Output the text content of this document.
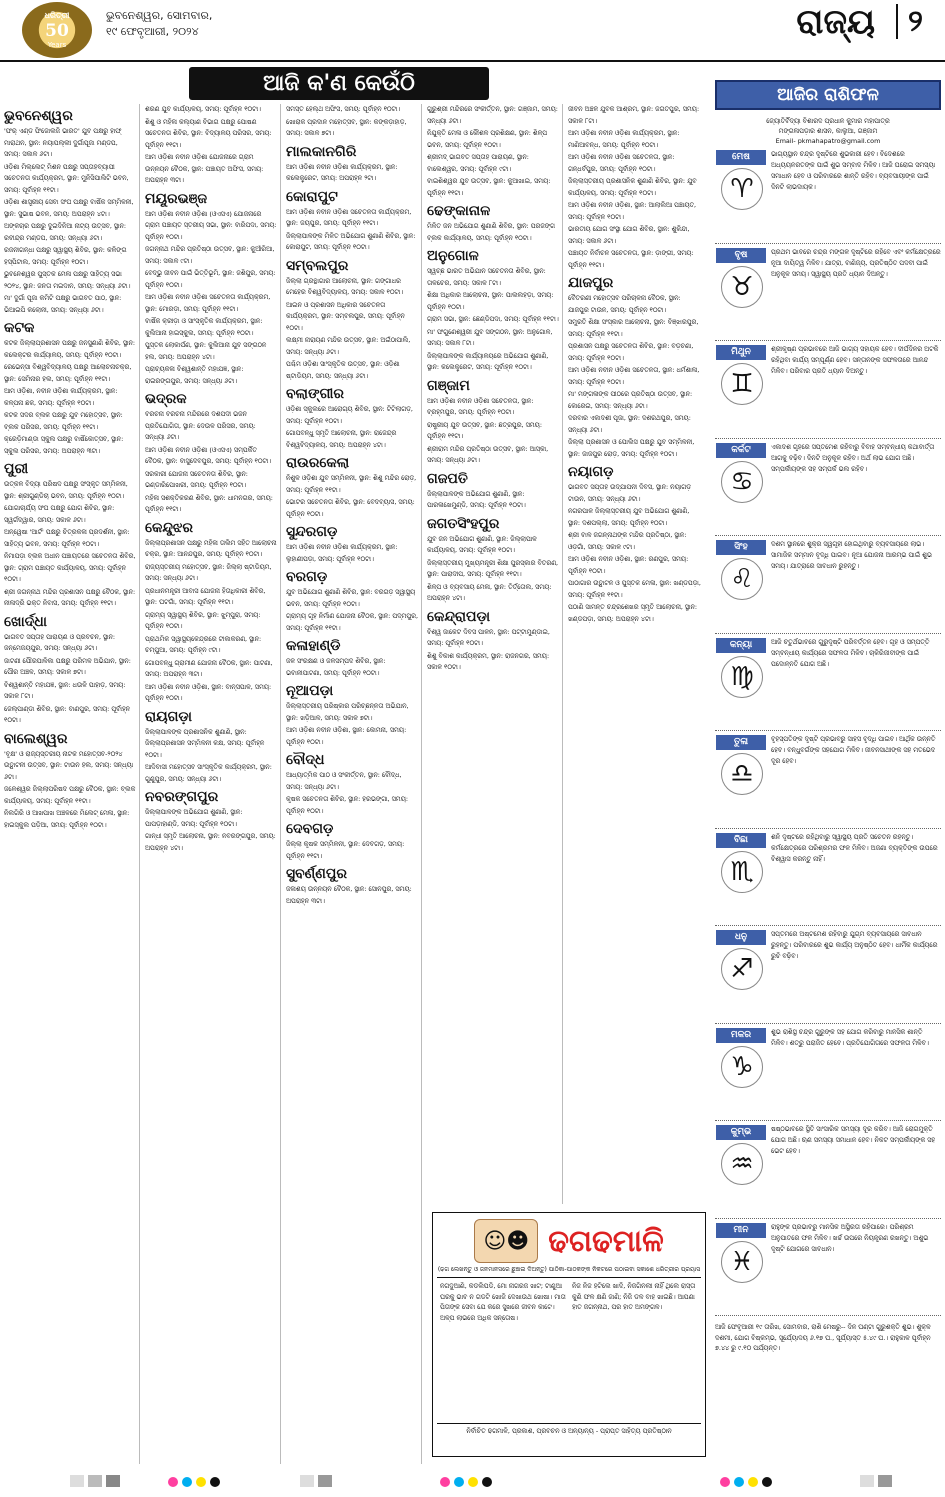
ଧରିତ୍ରୀ
50
Years
ଭୁବନେଶ୍ୱର, ସୋମବାର,
୧୯ ଫେବୃଆରୀ, ୨୦୨୪	ରାଜ୍ୟ	୨
ଆଜି କ'ଣ କେଉଁଠି
ଭୁବନେଶ୍ୱର

'ଫର୍ ଏଣ୍ଡ ଫିଜୋଲଜି ଭାରତ' ଯୁବ ପକ୍ଷରୁ ହାଫ୍ ମାରାଥନ, ସ୍ଥାନ: ନୟାପଲ୍ଲୀ ଦୁର୍ଗାପୂଜା ମଣ୍ଡପ, ସମୟ: ସକାଳ ୬ଟା।

ଓଡ଼ିଶା ମିଲ୍ଲେଟ୍ ମିଶନ ପକ୍ଷରୁ ସପ୍ତାହବ୍ୟାପୀ ସଚେତନତା କାର୍ଯ୍ୟକ୍ରମ, ସ୍ଥାନ: ମୁନିସିପାଲିଟି ଭବନ, ସମୟ: ପୂର୍ବାହ୍ନ ୧୧ଟା।

ଓଡ଼ିଶା ଶାସ୍ତ୍ରୀୟ ସେବା ସଂଘ ପକ୍ଷରୁ ବାର୍ଷିକ ସମ୍ମିଳନୀ, ସ୍ଥାନ: ସୁଭାଷ ଭବନ, ସମୟ: ଅପରାହ୍ନ ୪ଟା।

ଅଙ୍କଚାର ପକ୍ଷରୁ ଦୁଇଦିନିଆ ନାଟ୍ୟ ଉତ୍ସବ, ସ୍ଥାନ: ରବୀନ୍ଦ୍ର ମଣ୍ଡପ, ସମୟ: ସନ୍ଧ୍ୟା ୬ଟା।

ରଜନୀଗନ୍ଧା ପକ୍ଷରୁ ସ୍ୱାସ୍ଥ୍ୟ ଶିବିର, ସ୍ଥାନ: କଳିଙ୍ଗ ହସ୍ପିଟାଲ, ସମୟ: ପୂର୍ବାହ୍ନ ୧୦ଟା।

ଭୁବନେଶ୍ୱର ପୁସ୍ତକ ମେଳା ପକ୍ଷରୁ ସାହିତ୍ୟ ସଭା ୨୦୨୪, ସ୍ଥାନ: ଜନତା ମଇଦାନ, ସମୟ: ସନ୍ଧ୍ୟା ୬ଟା।

ମା' ଦୁର୍ଗା ପୂଜା କମିଟି ପକ୍ଷରୁ ଭାଗବତ ପାଠ, ସ୍ଥାନ: ଭିଆଇପି କଲୋନୀ, ସମୟ: ସନ୍ଧ୍ୟା ୬ଟା।

କଟକ

କଟକ ଜିଲ୍ଲାପ୍ରଶାସନ ପକ୍ଷରୁ ଜନସୁଣାଣି ଶିବିର, ସ୍ଥାନ: କଲେକ୍ଟର କାର୍ଯ୍ୟାଳୟ, ସମୟ: ପୂର୍ବାହ୍ନ ୧୦ଟା।

ରେଭେନ୍ସା ବିଶ୍ୱବିଦ୍ୟାଳୟ ପକ୍ଷରୁ ଆଲୋଚନାଚକ୍ର, ସ୍ଥାନ: ସେମିନାର ହଲ, ସମୟ: ପୂର୍ବାହ୍ନ ୧୧ଟା।

ଆମ ଓଡ଼ିଶା, ନବୀନ ଓଡ଼ିଶା କାର୍ଯ୍ୟକ୍ରମ, ସ୍ଥାନ: କଳ୍ପନା ଛକ, ସମୟ: ପୂର୍ବାହ୍ନ ୧୦ଟା।

କଟକ ସଦର ବ୍ଲକ ପକ୍ଷରୁ ଯୁବ ମହୋତ୍ସବ, ସ୍ଥାନ: ବ୍ଲକ ପରିସର, ସମୟ: ପୂର୍ବାହ୍ନ ୧୧ଟା।

କ୍ରେଡ଼ିମାଣ୍ଡା ସ୍କୁଲ ପକ୍ଷରୁ ବାର୍ଷିକୋତ୍ସବ, ସ୍ଥାନ: ସ୍କୁଲ ପରିସର, ସମୟ: ଅପରାହ୍ନ ୩ଟା।

ପୁରୀ

ଉତ୍କଳ ବିଦ୍ୟା ପରିଷଦ ପକ୍ଷରୁ ସଂସ୍କୃତ ସମ୍ମିଳନୀ, ସ୍ଥାନ: ଶ୍ରୀଗୁଣ୍ଡିଚା ଭବନ, ସମୟ: ପୂର୍ବାହ୍ନ ୧୦ଟା।

ଯୋଗାଚାର୍ଯ୍ୟ ସଂଘ ପକ୍ଷରୁ ଯୋଗ ଶିବିର, ସ୍ଥାନ: ସ୍ୱର୍ଗଦ୍ୱାର, ସମୟ: ସକାଳ ୬ଟା।

ଅନ୍ୱେଷା 'ଆର୍ଟ' ପକ୍ଷରୁ ଚିତ୍ରକଳା ପ୍ରଦର୍ଶନୀ, ସ୍ଥାନ: ସାହିତ୍ୟ ଭବନ, ସମୟ: ପୂର୍ବାହ୍ନ ୧୦ଟା।

ନିମାପଡ଼ା ବ୍ଲକ ଅଧୀନ ପଞ୍ଚାୟତରେ ସଚେତନତା ଶିବିର, ସ୍ଥାନ: ଗ୍ରାମ ପଞ୍ଚାୟତ କାର୍ଯ୍ୟାଳୟ, ସମୟ: ପୂର୍ବାହ୍ନ ୧୦ଟା।

ଶ୍ରୀ ଜଗନ୍ନାଥ ମନ୍ଦିର ପ୍ରଶାସନ ପକ୍ଷରୁ ବୈଠକ, ସ୍ଥାନ: ନୀଳାଦ୍ରି ଭକ୍ତ ନିବାସ, ସମୟ: ପୂର୍ବାହ୍ନ ୧୧ଟା।

ଖୋର୍ଦ୍ଧା

ଭାଗବତ ସପ୍ତାହ ପାରାୟଣ ଓ ପ୍ରବଚନ, ସ୍ଥାନ: ଜନ୍ମେଜୟପୁର, ସମୟ: ସନ୍ଧ୍ୟା ୬ଟା।

ଜାଟଣୀ ପୌରପାଳିକା ପକ୍ଷରୁ ପରିମଳ ଅଭିଯାନ, ସ୍ଥାନ: ପୌର ଅଞ୍ଚଳ, ସମୟ: ସକାଳ ୭ଟା।

ବିଶ୍ୱଶାନ୍ତି ମହାଯଜ୍ଞ, ସ୍ଥାନ: ଧଉଳି ପାହାଡ଼, ସମୟ: ସକାଳ ୮ଟା।

ଜେଲ୍ପାଣ୍ଡା ଶିବିର, ସ୍ଥାନ: ବାଣପୁର, ସମୟ: ପୂର୍ବାହ୍ନ ୧୦ଟା।

ବାଲେଶ୍ୱର

'ବୃକ୍ଷ' ଓ ରାଜ୍ୟସ୍ତରୀୟ ନାଟକ ମହୋତ୍ସବ-୨୦୨୪ ଉଦ୍ଘାଟନୀ ଉତ୍ସବ, ସ୍ଥାନ: ଟାଉନ ହଲ, ସମୟ: ସନ୍ଧ୍ୟା ୬ଟା।

ଜଳେଶ୍ୱର ଜିଲ୍ଲାପରିଷଦ ପକ୍ଷରୁ ବୈଠକ, ସ୍ଥାନ: ବ୍ଲକ କାର୍ଯ୍ୟାଳୟ, ସମୟ: ପୂର୍ବାହ୍ନ ୧୧ଟା।

ନିଲଗିରି ଓ ଆଖପାଖ ଅଞ୍ଚଳରେ ମିଲେଟ୍ ମେଳା, ସ୍ଥାନ: ହାଇସ୍କୁଲ ପଡ଼ିଆ, ସମୟ: ପୂର୍ବାହ୍ନ ୧୦ଟା।

ଶରଣ ଯୁବ କାର୍ଯ୍ୟାଳୟ, ସମୟ: ପୂର୍ବାହ୍ନ ୧୦ଟା।

ଶିଶୁ ଓ ମହିଳା କଲ୍ୟାଣ ବିଭାଗ ପକ୍ଷରୁ ପୋଷଣ ସଚେତନତା ଶିବିର, ସ୍ଥାନ: ବିଦ୍ୟାଳୟ ପରିସର, ସମୟ: ପୂର୍ବାହ୍ନ ୧୧ଟା।

ଆମ ଓଡ଼ିଶା ନବୀନ ଓଡ଼ିଶା ଯୋଜନାରେ ଗ୍ରାମ ଉନ୍ନୟନ ବୈଠକ, ସ୍ଥାନ: ପଞ୍ଚାୟତ ଅଫିସ, ସମୟ: ଅପରାହ୍ନ ୩ଟା।

ମୟୂରଭଞ୍ଜ

ଆମ ଓଡ଼ିଶା ନବୀନ ଓଡ଼ିଶା (ଓଏସଏ) ଯୋଜନାରେ ଗ୍ରାମ ପଞ୍ଚାୟତ ସ୍ତରୀୟ ସଭା, ସ୍ଥାନ: ବାରିପଦା, ସମୟ: ପୂର୍ବାହ୍ନ ୧୦ଟା।

ଜଗନ୍ନାଥ ମନ୍ଦିର ପ୍ରତିଷ୍ଠା ଉତ୍ସବ, ସ୍ଥାନ: କୁଆଁରିଆ, ସମୟ: ସକାଳ ୯ଟା।

ବେଦ୍ଭୁ ଜୀବନ ପାଇଁ ଭିତ୍ତିଭୂମି, ସ୍ଥାନ: ଜଶିପୁର, ସମୟ: ପୂର୍ବାହ୍ନ ୧୦ଟା।

ଆମ ଓଡ଼ିଶା ନବୀନ ଓଡ଼ିଶା ସଚେତନତା କାର୍ଯ୍ୟକ୍ରମ, ସ୍ଥାନ: ମୋରଡ଼ା, ସମୟ: ପୂର୍ବାହ୍ନ ୧୧ଟା।

ବାର୍ଷିକ କ୍ରୀଡ଼ା ଓ ସାଂସ୍କୃତିକ କାର୍ଯ୍ୟକ୍ରମ, ସ୍ଥାନ: କୁଲିଆନା ହାଇସ୍କୁଲ, ସମୟ: ପୂର୍ବାହ୍ନ ୧୦ଟା।

ପୁସ୍ତକ ଲୋକାର୍ପଣ, ସ୍ଥାନ: କୁଲିଆନା ଯୁବ ସଙ୍ଗଠନ ହଲ, ସମୟ: ଅପରାହ୍ନ ୪ଟା।

ପ୍ରାଚ୍ୟକଳା ବିଶ୍ୱଶାନ୍ତି ମହାଯଜ୍ଞ, ସ୍ଥାନ: ରାଇରଙ୍ଗପୁର, ସମୟ: ସନ୍ଧ୍ୟା ୬ଟା।

ଭଦ୍ରକ

ବରଚନା ବରଚନା ମନ୍ଦିରରେ ଦଶପଦୀ ଭଜନ ପ୍ରତିଯୋଗିତା, ସ୍ଥାନ: ଦେଉଳ ପରିସର, ସମୟ: ସନ୍ଧ୍ୟା ୬ଟା।

ଆମ ଓଡ଼ିଶା ନବୀନ ଓଡ଼ିଶା (ଓଏସଏ) ସମ୍ପର୍କିତ ବୈଠକ, ସ୍ଥାନ: ବାସୁଦେବପୁର, ସମୟ: ପୂର୍ବାହ୍ନ ୧୦ଟା।

ସରକାରୀ ଯୋଜନା ସଚେତନତା ଶିବିର, ସ୍ଥାନ: ଭଣ୍ଡାରିପୋଖରୀ, ସମୟ: ପୂର୍ବାହ୍ନ ୧୦ଟା।

ମହିଳା ସଶକ୍ତିକରଣ ଶିବିର, ସ୍ଥାନ: ଧାମନଗର, ସମୟ: ପୂର୍ବାହ୍ନ ୧୧ଟା।

କେନ୍ଦୁଝର

ଜିଲ୍ଲାପ୍ରଶାସନ ପକ୍ଷରୁ ମହିଳା ତାଲିମ ସହିତ ଆଲୋଚନା ଚକ୍ର, ସ୍ଥାନ: ଆନନ୍ଦପୁର, ସମୟ: ପୂର୍ବାହ୍ନ ୧୦ଟା।

ରାଜ୍ୟସ୍ତରୀୟ ମହୋତ୍ସବ, ସ୍ଥାନ: ଜିଲ୍ଲା ଷ୍ଟାଡିୟମ, ସମୟ: ସନ୍ଧ୍ୟା ୬ଟା।

ପ୍ରଧାନମନ୍ତ୍ରୀ ଆବାସ ଯୋଜନା ହିତାଧିକାରୀ ଶିବିର, ସ୍ଥାନ: ଘଟଗାଁ, ସମୟ: ପୂର୍ବାହ୍ନ ୧୧ଟା।

ଗ୍ରାମ୍ୟ ସ୍ୱାସ୍ଥ୍ୟ ଶିବିର, ସ୍ଥାନ: ଝୁମ୍ପୁରା, ସମୟ: ପୂର୍ବାହ୍ନ ୧୦ଟା।

ପ୍ରାଥମିକ ସ୍ୱାସ୍ଥ୍ୟକେନ୍ଦ୍ରରେ ଟୀକାକରଣ, ସ୍ଥାନ: ଚମ୍ପୁଆ, ସମୟ: ପୂର୍ବାହ୍ନ ୯ଟା।

ଗୋପବନ୍ଧୁ ଗ୍ରାମୀଣ ଯୋଜନା ବୈଠକ, ସ୍ଥାନ: ପାଟଣା, ସମୟ: ଅପରାହ୍ନ ୩ଟା।

ଆମ ଓଡ଼ିଶା ନବୀନ ଓଡ଼ିଶା, ସ୍ଥାନ: ବାନ୍ସପାଳ, ସମୟ: ପୂର୍ବାହ୍ନ ୧୦ଟା।

ରାୟଗଡ଼ା

ଜିଲ୍ଲାପାଳଙ୍କ ପ୍ରଶାସନିକ ଶୁଣାଣି, ସ୍ଥାନ: ଜିଲ୍ଲାପ୍ରଶାସନ ସମ୍ମିଳନୀ କକ୍ଷ, ସମୟ: ପୂର୍ବାହ୍ନ ୧୦ଟା।

ଆଦିବାସୀ ମହୋତ୍ସବ ସାଂସ୍କୃତିକ କାର୍ଯ୍ୟକ୍ରମ, ସ୍ଥାନ: ଗୁଣୁପୁର, ସମୟ: ସନ୍ଧ୍ୟା ୬ଟା।

ନବରଙ୍ଗପୁର

ଜିଲ୍ଲାପାଳଙ୍କ ଅଭିଯୋଗ ଶୁଣାଣି, ସ୍ଥାନ: ପାପଡ଼ାହାଣ୍ଡି, ସମୟ: ପୂର୍ବାହ୍ନ ୧୦ଟା।

ଗାନ୍ଧୀ ସ୍ମୃତି ଆଲୋଚନା, ସ୍ଥାନ: ନବରଙ୍ଗପୁର, ସମୟ: ଅପରାହ୍ନ ୪ଟା।

ସମସ୍ତ ହେଲ୍ଥ ଅଫିସ, ସମୟ: ପୂର୍ବାହ୍ନ ୧୦ଟା।

ଖୋରାକ ପ୍ରଦାନ ମହୋତ୍ସବ, ସ୍ଥାନ: କଙ୍କଡ଼ାହାଡ଼, ସମୟ: ସକାଳ ୭ଟା।

ମାଲକାନଗିରି

ଆମ ଓଡ଼ିଶା ନବୀନ ଓଡ଼ିଶା କାର୍ଯ୍ୟକ୍ରମ, ସ୍ଥାନ: କଲେକ୍ଟ୍ରେଟ, ସମୟ: ଅପରାହ୍ନ ୨ଟା।

କୋରାପୁଟ

ଆମ ଓଡ଼ିଶା ନବୀନ ଓଡ଼ିଶା ସଚେତନତା କାର୍ଯ୍ୟକ୍ରମ, ସ୍ଥାନ: ଜୟପୁର, ସମୟ: ପୂର୍ବାହ୍ନ ୧୧ଟା।

ଜିଲ୍ଲାପାଳଙ୍କ ମିଳିତ ଅଭିଯୋଗ ଶୁଣାଣି ଶିବିର, ସ୍ଥାନ: କୋରାପୁଟ, ସମୟ: ପୂର୍ବାହ୍ନ ୧୦ଟା।

ସମ୍ବଲପୁର

ଜିଲ୍ଲା ଗ୍ରନ୍ଥାଗାର ଆଲୋଚନା, ସ୍ଥାନ: ଗଙ୍ଗାଧର ମେହେର ବିଶ୍ୱବିଦ୍ୟାଳୟ, ସମୟ: ସକାଳ ୧୦ଟା।

ଆଇନ ଓ ପ୍ରଶାସନ ଅଧିକାର ସଚେତନତା କାର୍ଯ୍ୟକ୍ରମ, ସ୍ଥାନ: ସମ୍ବଲପୁର, ସମୟ: ପୂର୍ବାହ୍ନ ୧୦ଟା।

ଲକ୍ଷ୍ମୀ ନାରାୟଣ ମନ୍ଦିର ଉତ୍ସବ, ସ୍ଥାନ: ଅଇଁଠାପାଲି, ସମୟ: ସନ୍ଧ୍ୟା ୬ଟା।

ପଶ୍ଚିମ ଓଡ଼ିଶା ସାଂସ୍କୃତିକ ଉତ୍ସବ, ସ୍ଥାନ: ଓଡ଼ିଶା ଷ୍ଟାଡିୟମ, ସମୟ: ସନ୍ଧ୍ୟା ୬ଟା।

ବଲାଙ୍ଗୀର

ଓଡ଼ିଶା ସ୍କୁଲରେ ଆରୋଗ୍ୟ ଶିବିର, ସ୍ଥାନ: ଟିଟିଲାଗଡ଼, ସମୟ: ପୂର୍ବାହ୍ନ ୧୦ଟା।

ଗୋପବନ୍ଧୁ ସ୍ମୃତି ଆଲୋଚନା, ସ୍ଥାନ: ରାଜେନ୍ଦ୍ର ବିଶ୍ୱବିଦ୍ୟାଳୟ, ସମୟ: ଅପରାହ୍ନ ୪ଟା।

ରାଉରକେଲା

ନିଶୁଳ ଓଡ଼ିଶା ଯୁବ ସମ୍ମିଳନୀ, ସ୍ଥାନ: ଶିଶୁ ମନ୍ଦିର ରୋଡ଼, ସମୟ: ପୂର୍ବାହ୍ନ ୧୧ଟା।

ଭୋଟର ସଚେତନତା ଶିବିର, ସ୍ଥାନ: ବେଦବ୍ୟାସ, ସମୟ: ପୂର୍ବାହ୍ନ ୧୦ଟା।

ସୁନ୍ଦରଗଡ଼

ଆମ ଓଡ଼ିଶା ନବୀନ ଓଡ଼ିଶା କାର୍ଯ୍ୟକ୍ରମ, ସ୍ଥାନ: ଲୁହାଣୀପଡ଼ା, ସମୟ: ପୂର୍ବାହ୍ନ ୧୦ଟା।

ବରଗଡ଼

ଯୁବ ଅଭିଯୋଗ ଶୁଣାଣି ଶିବିର, ସ୍ଥାନ: ବରଗଡ଼ ସ୍ୱାସ୍ଥ୍ୟ ଭବନ, ସମୟ: ପୂର୍ବାହ୍ନ ୧୦ଟା।

ଗ୍ରାମ୍ୟ ଗୃହ ନିର୍ମାଣ ଯୋଜନା ବୈଠକ, ସ୍ଥାନ: ପଦ୍ମପୁର, ସମୟ: ପୂର୍ବାହ୍ନ ୧୧ଟା।

କଳାହାଣ୍ଡି

ଜଳ ସଂରକ୍ଷଣ ଓ ଜଳସମ୍ପଦ ଶିବିର, ସ୍ଥାନ: ଭବାନୀପାଟଣା, ସମୟ: ପୂର୍ବାହ୍ନ ୧୦ଟା।

ନୂଆପଡ଼ା

ଜିଲ୍ଲାସ୍ତରୀୟ ପରିଷ୍କାର ପରିଚ୍ଛନ୍ନତା ଅଭିଯାନ, ସ୍ଥାନ: ଖଡ଼ିଆଳ, ସମୟ: ସକାଳ ୭ଟା।

ଆମ ଓଡ଼ିଶା ନବୀନ ଓଡ଼ିଶା, ସ୍ଥାନ: କୋମନା, ସମୟ: ପୂର୍ବାହ୍ନ ୧୦ଟା।

ବୌଦ୍ଧ

ଆଧ୍ୟାତ୍ମିକ ପାଠ ଓ ସଂକୀର୍ତ୍ତନ, ସ୍ଥାନ: ବୌଦ୍ଧ, ସମୟ: ସନ୍ଧ୍ୟା ୬ଟା।

କୃଷକ ସଚେତନତା ଶିବିର, ସ୍ଥାନ: ହରଭଙ୍ଗା, ସମୟ: ପୂର୍ବାହ୍ନ ୧୦ଟା।

ଦେବଗଡ଼

ଜିଲ୍ଲା କୃଷକ ସମ୍ମିଳନୀ, ସ୍ଥାନ: ଦେବଗଡ଼, ସମୟ: ପୂର୍ବାହ୍ନ ୧୧ଟା।

ସୁବର୍ଣ୍ଣପୁର

ଜଳାଶୟ ଉନ୍ନୟନ ବୈଠକ, ସ୍ଥାନ: ସୋନପୁର, ସମୟ: ଅପରାହ୍ନ ୩ଟା।

ଗୁରୁଶ୍ରୀ ମନ୍ଦିରରେ ସଂକୀର୍ତ୍ତନ, ସ୍ଥାନ: ଗଞ୍ଜାମ, ସମୟ: ସନ୍ଧ୍ୟା ୬ଟା।

ନିଯୁକ୍ତି ମେଳା ଓ କୌଶଳ ପ୍ରଶିକ୍ଷଣ, ସ୍ଥାନ: ଶିଳ୍ପ ଭବନ, ସମୟ: ପୂର୍ବାହ୍ନ ୧୦ଟା।

ଶ୍ରୀମଦ୍ ଭାଗବତ ସପ୍ତାହ ପାରାୟଣ, ସ୍ଥାନ: ବାଲେଶ୍ୱର, ସମୟ: ପୂର୍ବାହ୍ନ ୯ଟା।

ବାଇଶିଶ୍ୱର ଯୁବ ଉତ୍ସବ, ସ୍ଥାନ: କୁଆଖାଇ, ସମୟ: ପୂର୍ବାହ୍ନ ୧୧ଟା।

ଢେଙ୍କାନାଳ

ମିଳିତ ଜନ ଅଭିଯୋଗ ଶୁଣାଣି ଶିବିର, ସ୍ଥାନ: ପରଜଙ୍ଗ ବ୍ଲକ କାର୍ଯ୍ୟାଳୟ, ସମୟ: ପୂର୍ବାହ୍ନ ୧୦ଟା।

ଅନୁଗୋଳ

ସ୍ୱଚ୍ଛ ଭାରତ ଅଭିଯାନ ସଚେତନତା ଶିବିର, ସ୍ଥାନ: ତାଳଚେର, ସମୟ: ସକାଳ ୮ଟା।

ଶିକ୍ଷା ଅଧିକାର ଆଲୋଚନା, ସ୍ଥାନ: ପାଲଲହଡ଼ା, ସମୟ: ପୂର୍ବାହ୍ନ ୧୦ଟା।

ଗ୍ରାମ ସଭା, ସ୍ଥାନ: ଛେଣ୍ଡିପଦା, ସମୟ: ପୂର୍ବାହ୍ନ ୧୧ଟା।

ମା' ଫଗୁଣେଶ୍ୱରୀ ଯୁବ ସଙ୍ଗଠନ, ସ୍ଥାନ: ଅନୁଗୋଳ, ସମୟ: ସକାଳ ୮ଟା।

ଜିଲ୍ଲାପାଳଙ୍କ କାର୍ଯ୍ୟାଳୟରେ ଅଭିଯୋଗ ଶୁଣାଣି, ସ୍ଥାନ: କଲେକ୍ଟ୍ରେଟ, ସମୟ: ପୂର୍ବାହ୍ନ ୧୦ଟା।

ଗଞ୍ଜାମ

ଆମ ଓଡ଼ିଶା ନବୀନ ଓଡ଼ିଶା ସଚେତନତା, ସ୍ଥାନ: ବ୍ରହ୍ମପୁର, ସମୟ: ପୂର୍ବାହ୍ନ ୧୦ଟା।

ରାଷ୍ଟ୍ରୀୟ ଯୁବ ଉତ୍ସବ, ସ୍ଥାନ: ଛତ୍ରପୁର, ସମୟ: ପୂର୍ବାହ୍ନ ୧୧ଟା।

ଶ୍ରୀରାମ ମନ୍ଦିର ପ୍ରତିଷ୍ଠା ଉତ୍ସବ, ସ୍ଥାନ: ଆସ୍କା, ସମୟ: ସନ୍ଧ୍ୟା ୬ଟା।

ଗଜପତି

ଜିଲ୍ଲାପାଳଙ୍କ ଅଭିଯୋଗ ଶୁଣାଣି, ସ୍ଥାନ: ପାରଳାଖେମୁଣ୍ଡି, ସମୟ: ପୂର୍ବାହ୍ନ ୧୦ଟା।

ଜଗତସିଂହପୁର

ଯୁବ ଜନ ଅଭିଯୋଗ ଶୁଣାଣି, ସ୍ଥାନ: ଜିଲ୍ଲାପାଳ କାର୍ଯ୍ୟାଳୟ, ସମୟ: ପୂର୍ବାହ୍ନ ୧୦ଟା।

ଜିଲ୍ଲାସ୍ତରୀୟ ମୁଖ୍ୟମନ୍ତ୍ରୀ ଶିକ୍ଷା ପୁରସ୍କାର ବିତରଣ, ସ୍ଥାନ: ପାରାଦୀପ, ସମୟ: ପୂର୍ବାହ୍ନ ୧୧ଟା।

ଶିଳ୍ପ ଓ ବ୍ୟବସାୟ ମେଳା, ସ୍ଥାନ: ତିର୍ତ୍ତୋଲ, ସମୟ: ଅପରାହ୍ନ ୪ଟା।

କେନ୍ଦ୍ରାପଡ଼ା

ବିଶ୍ୱ ଜାକେଟ ଦିବସ ପାଳନ, ସ୍ଥାନ: ପଟ୍ଟାମୁଣ୍ଡାଇ, ସମୟ: ପୂର୍ବାହ୍ନ ୧୦ଟା।

ଶିଶୁ ବିକାଶ କାର୍ଯ୍ୟକ୍ରମ, ସ୍ଥାନ: ରାଜନଗର, ସମୟ: ସକାଳ ୧୦ଟା।

ଜୀବନ ଅଞ୍ଚଳ ଯୁବକ ଆଶ୍ରମ, ସ୍ଥାନ: ଜଗତପୁର, ସମୟ: ସକାଳ ୮ଟା।

ଆମ ଓଡ଼ିଶା ନବୀନ ଓଡ଼ିଶା କାର୍ଯ୍ୟକ୍ରମ, ସ୍ଥାନ: ମାଣିଆବନ୍ଧ, ସମୟ: ପୂର୍ବାହ୍ନ ୧୦ଟା।

ଆମ ଓଡ଼ିଶା ନବୀନ ଓଡ଼ିଶା ସଚେତନତା, ସ୍ଥାନ: ଗନ୍ଧର୍ବପୁର, ସମୟ: ପୂର୍ବାହ୍ନ ୧୦ଟା।

ଜିଲ୍ଲାସ୍ତରୀୟ ପ୍ରଶାସନିକ ଶୁଣାଣି ଶିବିର, ସ୍ଥାନ: ଯୁବ କାର୍ଯ୍ୟାଳୟ, ସମୟ: ପୂର୍ବାହ୍ନ ୧୦ଟା।

ଆମ ଓଡ଼ିଶା ନବୀନ ଓଡ଼ିଶା, ସ୍ଥାନ: ଆଲାଲିଆ ପଞ୍ଚାୟତ, ସମୟ: ପୂର୍ବାହ୍ନ ୧୦ଟା।

ଭାରତୀୟ ଯୋଗ ସଂସ୍ଥା ଯୋଗ ଶିବିର, ସ୍ଥାନ: ଶୁକିନ୍ଦା, ସମୟ: ସକାଳ ୬ଟା।

ପଞ୍ଚାୟତ ନିର୍ବାଚନ ସଚେତନତା, ସ୍ଥାନ: ଡ଼ାଙ୍ଗୀ, ସମୟ: ପୂର୍ବାହ୍ନ ୧୧ଟା।

ଯାଜପୁର

ବୈତରଣୀ ମହୋତ୍ସବ ପରିଚାଳନା ବୈଠକ, ସ୍ଥାନ: ଯାଜପୁର ଟାଉନ, ସମୟ: ପୂର୍ବାହ୍ନ ୧୦ଟା।

ସମ୍ପ୍ରତି ଶିକ୍ଷା ସଂସ୍କାର ଆଲୋଚନା, ସ୍ଥାନ: ବିଞ୍ଝାରପୁର, ସମୟ: ପୂର୍ବାହ୍ନ ୧୧ଟା।

ପ୍ରଶାସନ ପକ୍ଷରୁ ସଚେତନତା ଶିବିର, ସ୍ଥାନ: ବଡ଼ଚଣା, ସମୟ: ପୂର୍ବାହ୍ନ ୧୦ଟା।

ଆମ ଓଡ଼ିଶା ନବୀନ ଓଡ଼ିଶା ସଚେତନତା, ସ୍ଥାନ: ଧର୍ମଶାଳା, ସମୟ: ପୂର୍ବାହ୍ନ ୧୦ଟା।

ମା' ମଙ୍ଗଳାଙ୍କ ପୀଠରେ ପ୍ରତିଷ୍ଠା ଉତ୍ସବ, ସ୍ଥାନ: କୋରେଇ, ସମୟ: ସନ୍ଧ୍ୟା ୬ଟା।

ଦରବାର ଏକାଦଶୀ ପୂଜା, ସ୍ଥାନ: ଦଶରଥପୁର, ସମୟ: ସନ୍ଧ୍ୟା ୬ଟା।

ଜିଲ୍ଲା ପ୍ରଶାସନ ଓ ପୋଲିସ ପକ୍ଷରୁ ଯୁବ ସମ୍ମିଳନୀ, ସ୍ଥାନ: ଜାଜପୁର ରୋଡ଼, ସମୟ: ପୂର୍ବାହ୍ନ ୧୦ଟା।

ନୟାଗଡ଼

ଭାଗବତ ସପ୍ତାହ ଉଦ୍ଯାପନୀ ଦିବସ, ସ୍ଥାନ: ନୟାଗଡ଼ ଟାଉନ, ସମୟ: ସନ୍ଧ୍ୟା ୬ଟା।

ନଗରପାଳ ଜିଲ୍ଲାସ୍ତରୀୟ ଯୁବ ଅଭିଯୋଗ ଶୁଣାଣି, ସ୍ଥାନ: ଦଶପଲ୍ଲା, ସମୟ: ପୂର୍ବାହ୍ନ ୧୦ଟା।

ଶ୍ରୀ ବାଳ ଜଗନ୍ନାଥଙ୍କ ମନ୍ଦିର ପ୍ରତିଷ୍ଠା, ସ୍ଥାନ: ଓଡ଼ଗାଁ, ସମୟ: ସକାଳ ୯ଟା।

ଆମ ଓଡ଼ିଶା ନବୀନ ଓଡ଼ିଶା, ସ୍ଥାନ: ରଣପୁର, ସମୟ: ପୂର୍ବାହ୍ନ ୧୦ଟା।

ପାଠାଗାର ଉଦ୍ଘାଟନ ଓ ପୁସ୍ତକ ମେଳା, ସ୍ଥାନ: ଖଣ୍ଡପଡ଼ା, ସମୟ: ପୂର୍ବାହ୍ନ ୧୧ଟା।

ପଠାଣି ସାମନ୍ତ ଚନ୍ଦ୍ରଶେଖର ସ୍ମୃତି ଆଲୋଚନା, ସ୍ଥାନ: ଖଣ୍ଡପଡ଼ା, ସମୟ: ଅପରାହ୍ନ ୪ଟା।

ଆଜିର ରାଶିଫଳ
ଜ୍ୟୋତିର୍ବିଦ୍ୟା ବିଶାରଦ ପ୍ରଧାନ କୁମାର ମହାପାତ୍ର
ମଙ୍ଗଳାପଡ଼ାର ଶାସନ, କାଲୁଆ, ଗଞ୍ଜାମ
Email- pkmahapatro@gmail.com
ମେଷ
♈
ଭାଗ୍ୟସ୍ଥାନ ଚନ୍ଦ୍ର ଦୃଷ୍ଟିରେ ଶୁଭକାରୀ ହେବ। ବିଦେଶରେ ଅଧ୍ୟୟନରତଙ୍କ ପାଇଁ ଶୁଭ ସମ୍ବାଦ ମିଳିବ। ଆଜି ଘରୋଇ ସମସ୍ୟା ସମାଧାନ ହେବ ଓ ପରିବାରରେ ଶାନ୍ତି ରହିବ। ବ୍ୟବସାୟୀଙ୍କ ପାଇଁ ଦିନଟି ଲାଭଦାୟକ।
ବୃଷ
♉
ପ୍ରଥମ ଭାବରେ ଚନ୍ଦ୍ର ମଙ୍ଗଳ ଦୃଷ୍ଟିରେ ରହିବେ ଏବଂ କର୍ମକ୍ଷେତ୍ରରେ ନୂଆ ଦାୟିତ୍ୱ ମିଳିବ। ଯାତ୍ରା, ବାଣିଜ୍ୟ, ପ୍ରତିଷ୍ଠିତ ପଦବୀ ପାଇଁ ଅନୁକୂଳ ସମୟ। ସ୍ୱାସ୍ଥ୍ୟ ପ୍ରତି ଧ୍ୟାନ ଦିଅନ୍ତୁ।
ମିଥୁନ
♊
ଶ୍ରୀକୃଷ୍ଣ ପ୍ରଭାବରେ ଆଜି ଭାଗ୍ୟ ସହାୟକ ହେବ। ଦୀର୍ଘଦିନର ଅଟକି ରହିଥିବା କାର୍ଯ୍ୟ ସମ୍ପୂର୍ଣ୍ଣ ହେବ। ସନ୍ତାନଙ୍କ ସଫଳତାରେ ଆନନ୍ଦ ମିଳିବ। ପରିବାର ପ୍ରତି ଧ୍ୟାନ ଦିଅନ୍ତୁ।
କର୍କଟ
♋
ଏକାଦଶ ଗୃହରେ ସପ୍ତମେଶ ରହିବାରୁ ବିବାହ ସମ୍ବନ୍ଧୀୟ କଥାବାର୍ତ୍ତା ଆଗକୁ ବଢ଼ିବ। ଦିନଟି ଅନୁକୂଳ ରହିବ। ଅର୍ଥ ଲାଭ ଯୋଗ ଅଛି। ସମ୍ପର୍କୀୟଙ୍କ ସହ ସମ୍ପର୍କ ଭଲ ରହିବ।
ସିଂହ
♌
ଦଶମ ସ୍ଥାନରେ ଶୁକ୍ର ସ୍ୱଗୃହୀ ହୋଇଥିବାରୁ ବ୍ୟବସାୟରେ ଲାଭ। ସାମାଜିକ ସମ୍ମାନ ବୃଦ୍ଧି ପାଇବ। ନୂଆ ଯୋଜନା ଆରମ୍ଭ ପାଇଁ ଶୁଭ ସମୟ। ଯାତ୍ରାରେ ସାବଧାନ ରୁହନ୍ତୁ।
କନ୍ୟା
♍
ଆଜି ଚତୁର୍ଥଭାବରେ ଗୁରୁଦୃଷ୍ଟି ପରିବର୍ତ୍ତନ ହେବ। ଗୃହ ଓ ସମ୍ପତ୍ତି ସମ୍ବନ୍ଧୀୟ କାର୍ଯ୍ୟରେ ସଫଳତା ମିଳିବ। ଚାକିରିଜୀବୀଙ୍କ ପାଇଁ ପଦୋନ୍ନତି ଯୋଗ ଅଛି।
ତୁଳା
♎
ବୃହସ୍ପତିଙ୍କ ଦୃଷ୍ଟି ପ୍ରଭାବରୁ ସାହସ ବୃଦ୍ଧି ପାଇବ। ଆର୍ଥିକ ଉନ୍ନତି ହେବ। ବନ୍ଧୁବର୍ଗଙ୍କ ସହଯୋଗ ମିଳିବ। ଜୀବନସାଥୀଙ୍କ ସହ ମତଭେଦ ଦୂର ହେବ।
ବିଛା
♏
ଶନି ଦୃଷ୍ଟରେ ରହିଥିବାରୁ ସ୍ୱାସ୍ଥ୍ୟ ପ୍ରତି ସଚେତନ ରହନ୍ତୁ। କର୍ମକ୍ଷେତ୍ରରେ ପରିଶ୍ରମର ଫଳ ମିଳିବ। ଅଜଣା ବ୍ୟକ୍ତିଙ୍କ ଉପରେ ବିଶ୍ୱାସ କରନ୍ତୁ ନାହିଁ।
ଧନୁ
♐
ସପ୍ତମରେ ଅଷ୍ଟମେଶ ରହିବାରୁ ଯୁଗ୍ମ ବ୍ୟବସାୟରେ ସାବଧାନ ରୁହନ୍ତୁ। ପରିବାରରେ ଶୁଭ କାର୍ଯ୍ୟ ଅନୁଷ୍ଠିତ ହେବ। ଧାର୍ମିକ କାର୍ଯ୍ୟରେ ରୁଚି ବଢ଼ିବ।
ମକର
♑
ଶୁଭ ରାଶିସ୍ଥ ଚନ୍ଦ୍ର ଗୁରୁଙ୍କ ସହ ଯୋଗ କରିବାରୁ ମାନସିକ ଶାନ୍ତି ମିଳିବ। ଶତ୍ରୁ ପରାଜିତ ହେବେ। ପ୍ରତିଯୋଗିତାରେ ସଫଳତା ମିଳିବ।
କୁମ୍ଭ
♒
ଷଷ୍ଠଭାବରେ ସ୍ଥିତି ସାଂସାରିକ ସମସ୍ୟା ଦୂର କରିବ। ଆଜି ରୋଗମୁକ୍ତି ଯୋଗ ଅଛି। ଋଣ ସମସ୍ୟା ସମାଧାନ ହେବ। ନିକଟ ସମ୍ପର୍କୀୟଙ୍କ ସହ ଭେଟ ହେବ।
ମୀନ
♓
ରାହୁଙ୍କ ପ୍ରଭାବରୁ ମାନସିକ ଅସ୍ଥିରତା ରହିପାରେ। ପରିଶ୍ରମ ଅନୁପାତରେ ଫଳ ମିଳିବ। ଖର୍ଚ୍ଚ ଉପରେ ନିୟନ୍ତ୍ରଣ ରଖନ୍ତୁ। ଅଶୁଭ ଦୃଷ୍ଟି ଯୋଗରେ ସାବଧାନ।
ଆଜି ଫେବୃଆରୀ ୧୯ ତାରିଖ, ସୋମବାର, ରାଶି ମେଷରୁ-- ଦିନ ଘଣ୍ଟା ଗୁରୁଶକ୍ତି ଶୁଭ। ଶୁକ୍ଳ ଦଶମୀ, ଯୋଗ ବିଷ୍କମ୍ଭ, ସୂର୍ଯ୍ୟୋଦୟ ୬.୧୭ ଘ., ସୂର୍ଯ୍ୟାସ୍ତ ୫.୪୯ ଘ.। ରାହୁକାଳ ପୂର୍ବାହ୍ନ ୭.୪୪ ରୁ ୯.୧୦ ପର୍ଯ୍ୟନ୍ତ।
☺☻ ଢଗଢମାଳି
(ଢଗ ଲେଖନ୍ତୁ ଓ ଜନମାନସରେ ଛୁଞ୍ଚାଇ ଦିଅନ୍ତୁ) ପାଠିକା-ପାଠକଙ୍କ ନିକଟରେ ପଠାଇବା ସକାଶେ ଧରିତ୍ରୀର ପ୍ରୟାସ
ନଗଦୁଆଣି, କଡଲିପଡି, ମୋ ନାଗରଜ ଖାଟ; ଟାଣୁଆ ଘରକୁ ଭାବ ନ ଗଡଟି ଖୋଜି ଦେଖାଉଥ ଖୋଷା। ମାତା ପିତାଙ୍କ ସେବା ଯେ କରେ ସୁଖରେ ଜୀବନ କାଟେ। ଅଳ୍ପ ଲାଭରେ ଅଧିକ ସନ୍ତୋଷ।
ନିଜ ନିଜ ହଟିଲେ ଖାଦି, ନିଜଗିନଲୀ ନାହିଁ ଥିଲେ ରାସ୍ତା କୁଣି ଫଳ କ୍ଷଣି ଜାଣି; ନିଜି ଡଳ ବାହ ଖାଇଛି। ଆପଣା ହାତ ଜଗନ୍ନାଥ, ପର ହାତ ଅମଙ୍ଗଳ।
ନିର୍ବାଚିତ ଢଗମାଳି, ପ୍ରକାଶ, ପ୍ରବଚନ ଓ ଅନ୍ୟାନ୍ୟ - ପ୍ରାପ୍ତ ସାହିତ୍ୟ ପ୍ରତିଷ୍ଠାନ
